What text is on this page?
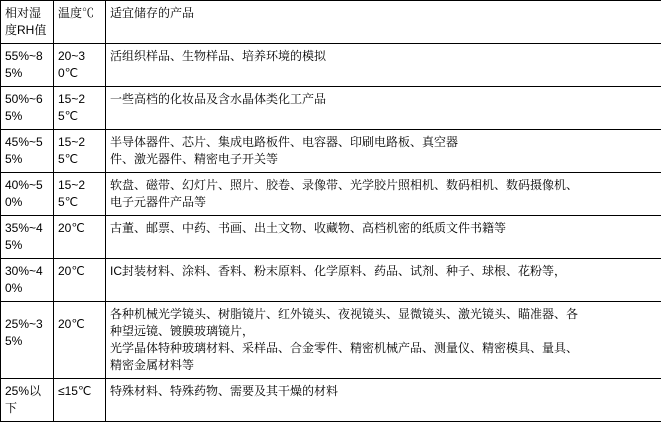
相对湿度RH值	温度℃	适宜储存的产品
55%~85%	20~30℃	活组织样品、生物样品、培养环境的模拟

50%~65%	15~25℃	一些高档的化妆品及含水晶体类化工产品

45%~55%	15~25℃	半导体器件、芯片、集成电路板件、电容器、印刷电路板、真空器
件、激光器件、精密电子开关等

40%~50%	15~25℃	软盘、磁带、幻灯片、照片、胶卷、录像带、光学胶片照相机、数码相机、数码摄像机、
电子元器件产品等

35%~45%	20℃	古董、邮票、中药、书画、出土文物、收藏物、高档机密的纸质文件书籍等

30%~40%	20℃	IC封装材料、涂料、香料、粉末原料、化学原料、药品、试剂、种子、球根、花粉等，

25%~35%	20℃	各种机械光学镜头、树脂镜片、红外镜头、夜视镜头、显微镜头、激光镜头、瞄准器、各
种望远镜、镀膜玻璃镜片，
光学晶体特种玻璃材料、采样品、合金零件、精密机械产品、测量仪、精密模具、量具、
精密金属材料等

25%以下	≤15℃	特殊材料、特殊药物、需要及其干燥的材料
